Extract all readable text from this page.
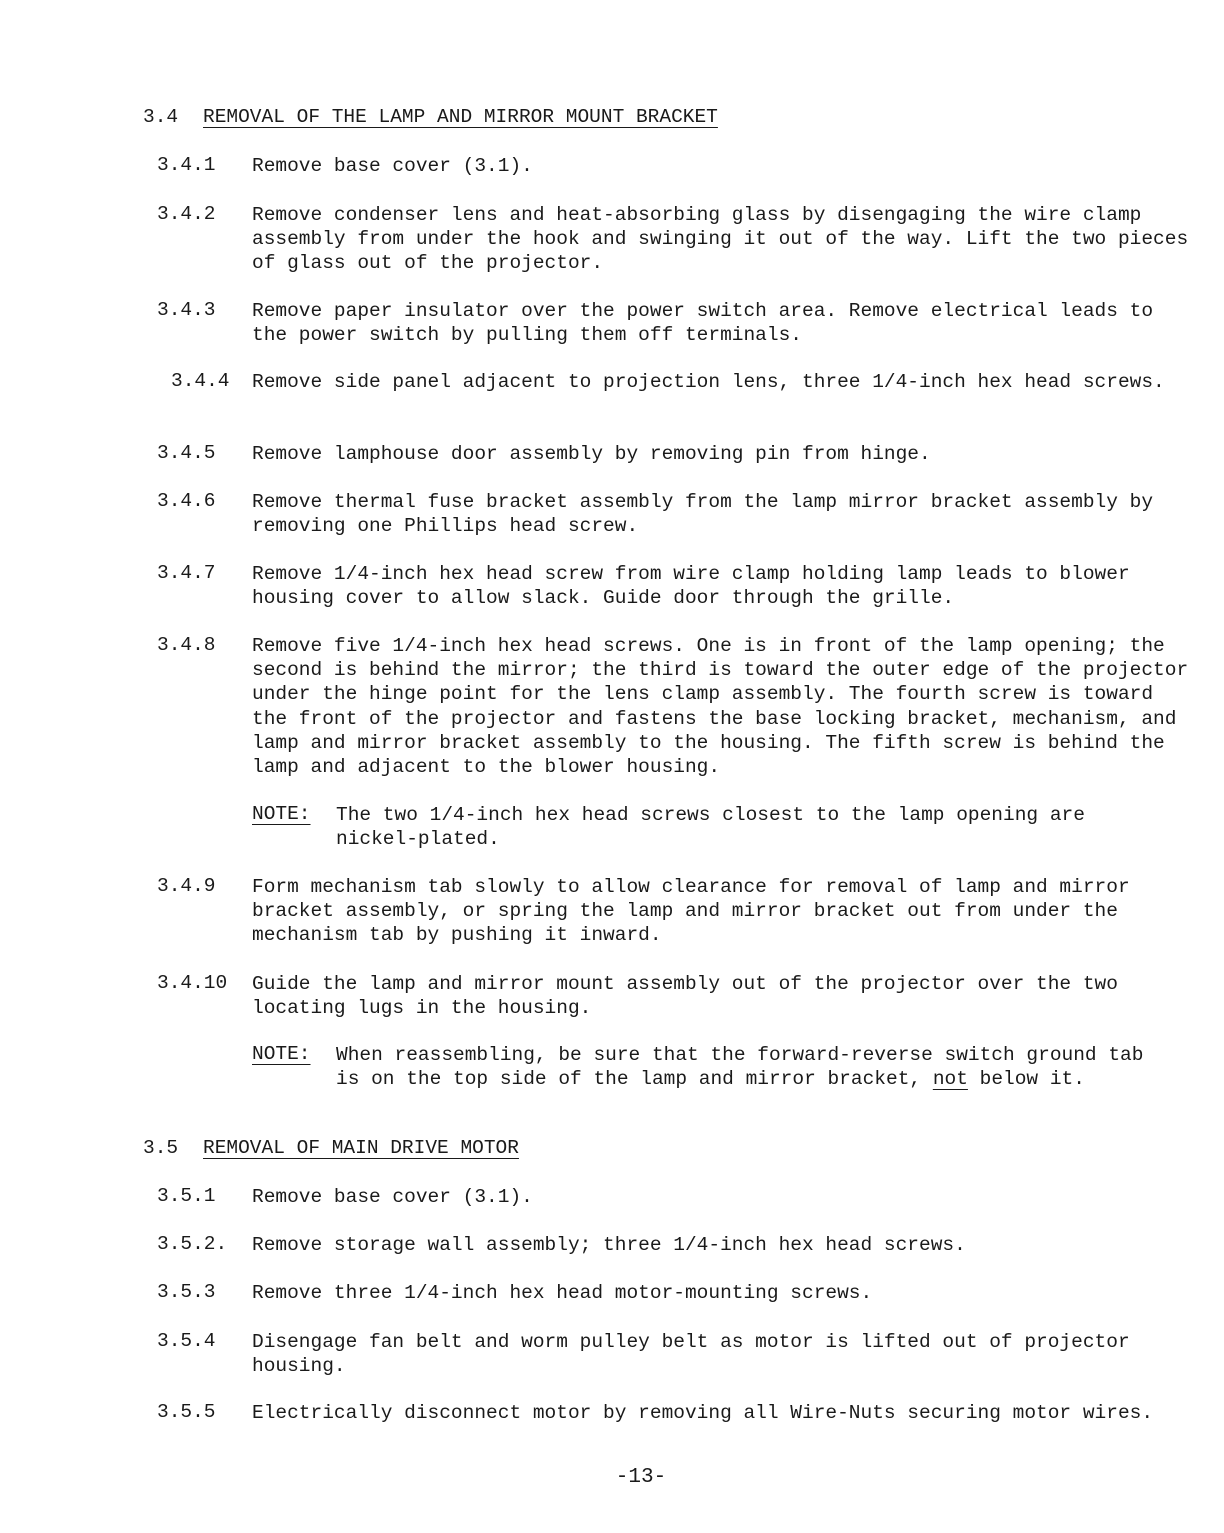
3.4 REMOVAL OF THE LAMP AND MIRROR MOUNT BRACKET
3.4.1 Remove base cover (3.1).
3.4.2 Remove condenser lens and heat-absorbing glass by disengaging the wire clamp assembly from under the hook and swinging it out of the way. Lift the two pieces of glass out of the projector.
3.4.3 Remove paper insulator over the power switch area. Remove electrical leads to the power switch by pulling them off terminals.
3.4.4 Remove side panel adjacent to projection lens, three 1/4-inch hex head screws.
3.4.5 Remove lamphouse door assembly by removing pin from hinge.
3.4.6 Remove thermal fuse bracket assembly from the lamp mirror bracket assembly by removing one Phillips head screw.
3.4.7 Remove 1/4-inch hex head screw from wire clamp holding lamp leads to blower housing cover to allow slack. Guide door through the grille.
3.4.8 Remove five 1/4-inch hex head screws. One is in front of the lamp opening; the second is behind the mirror; the third is toward the outer edge of the projector under the hinge point for the lens clamp assembly. The fourth screw is toward the front of the projector and fastens the base locking bracket, mechanism, and lamp and mirror bracket assembly to the housing. The fifth screw is behind the lamp and adjacent to the blower housing.
NOTE: The two 1/4-inch hex head screws closest to the lamp opening are nickel-plated.
3.4.9 Form mechanism tab slowly to allow clearance for removal of lamp and mirror bracket assembly, or spring the lamp and mirror bracket out from under the mechanism tab by pushing it inward.
3.4.10 Guide the lamp and mirror mount assembly out of the projector over the two locating lugs in the housing.
NOTE: When reassembling, be sure that the forward-reverse switch ground tab is on the top side of the lamp and mirror bracket, not below it.
3.5 REMOVAL OF MAIN DRIVE MOTOR
3.5.1 Remove base cover (3.1).
3.5.2. Remove storage wall assembly; three 1/4-inch hex head screws.
3.5.3 Remove three 1/4-inch hex head motor-mounting screws.
3.5.4 Disengage fan belt and worm pulley belt as motor is lifted out of projector housing.
3.5.5 Electrically disconnect motor by removing all Wire-Nuts securing motor wires.
-13-
